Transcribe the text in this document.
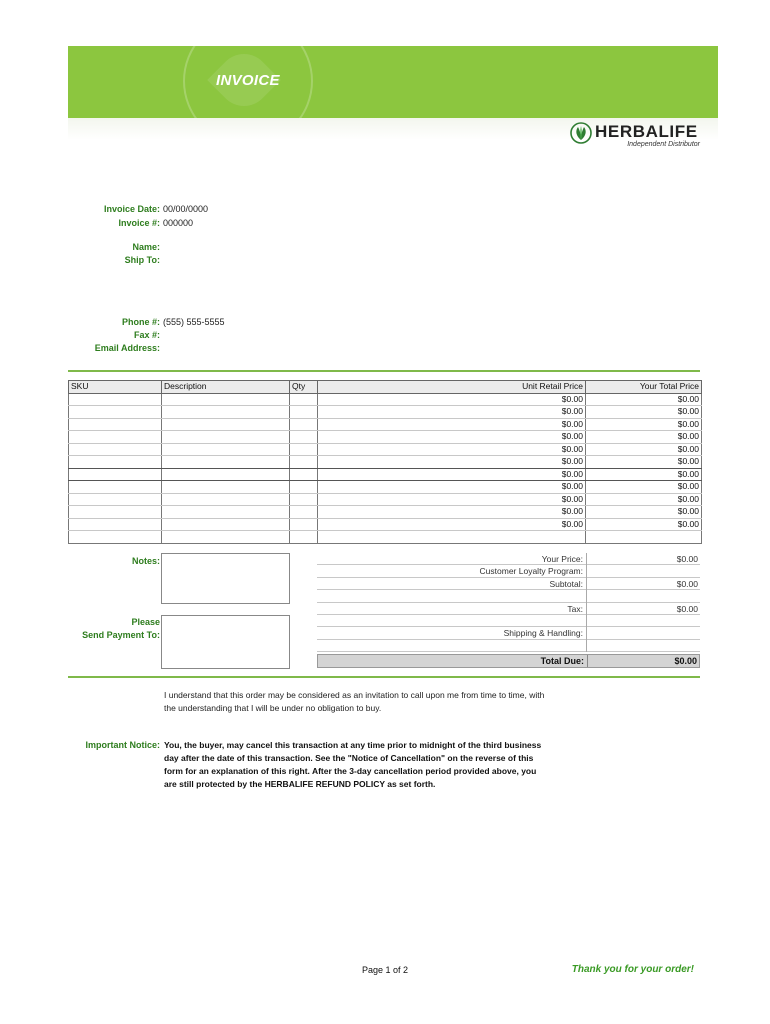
INVOICE
HERBALIFE
Independent Distributor
Invoice Date: 00/00/0000
Invoice #: 000000
Name:
Ship To:
Phone #: (555) 555-5555
Fax #:
Email Address:
SKU	Description	Qty	Unit Retail Price	Your Total Price
			$0.00	$0.00
			$0.00	$0.00
			$0.00	$0.00
			$0.00	$0.00
			$0.00	$0.00
			$0.00	$0.00
			$0.00	$0.00
			$0.00	$0.00
			$0.00	$0.00
			$0.00	$0.00
			$0.00	$0.00

Notes:
Please
Send Payment To:
Your Price:	$0.00
Customer Loyalty Program:
Subtotal:	$0.00
Tax:	$0.00
Shipping & Handling:
Total Due:	$0.00
I understand that this order may be considered as an invitation to call upon me from time to time, with
the understanding that I will be under no obligation to buy.
Important Notice: You, the buyer, may cancel this transaction at any time prior to midnight of the third business
day after the date of this transaction. See the "Notice of Cancellation" on the reverse of this
form for an explanation of this right. After the 3-day cancellation period provided above, you
are still protected by the HERBALIFE REFUND POLICY as set forth.
Page 1 of 2	Thank you for your order!
